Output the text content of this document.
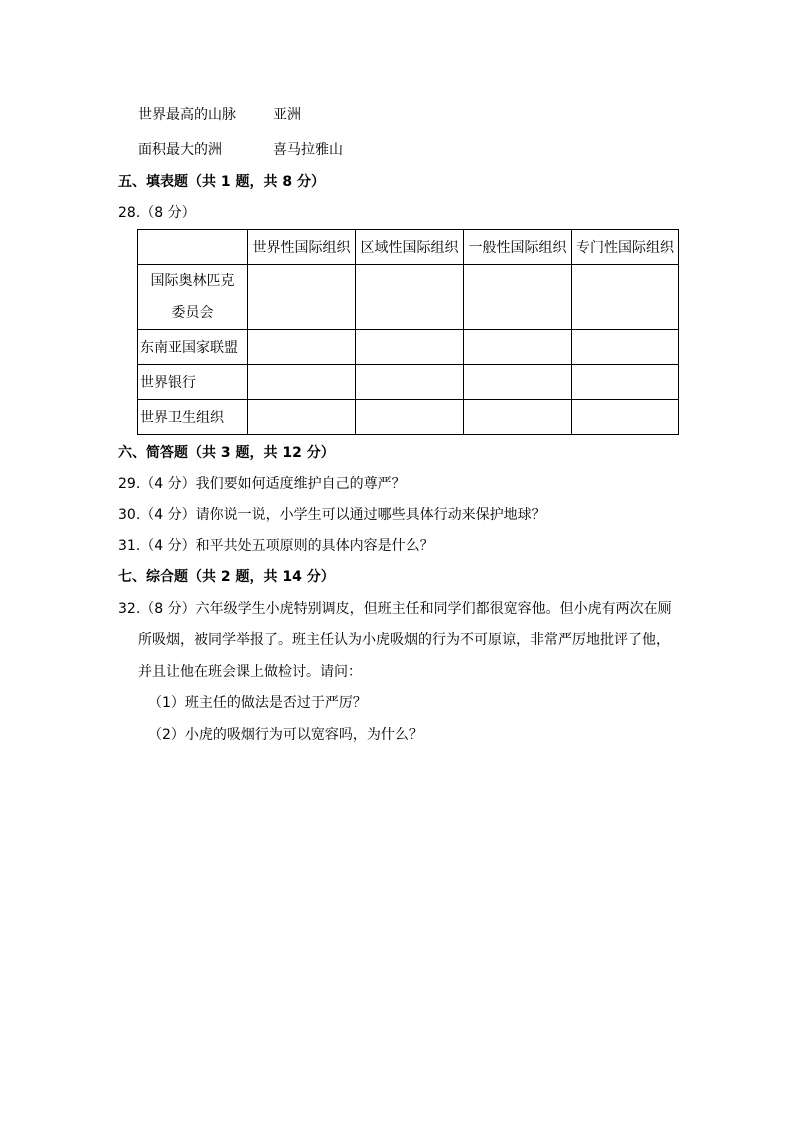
世界最高的山脉	亚洲
面积最大的洲	喜马拉雅山
五、填表题（共 1 题，共 8 分）
28.（8 分）
	世界性国际组织	区域性国际组织	一般性国际组织	专门性国际组织

国际奥林匹克委员会				

东南亚国家联盟				
世界银行				
世界卫生组织				
六、简答题（共 3 题，共 12 分）
29.（4 分）我们要如何适度维护自己的尊严？
30.（4 分）请你说一说，小学生可以通过哪些具体行动来保护地球？
31.（4 分）和平共处五项原则的具体内容是什么？
七、综合题（共 2 题，共 14 分）
32.（8 分）六年级学生小虎特别调皮，但班主任和同学们都很宽容他。但小虎有两次在厕
所吸烟，被同学举报了。班主任认为小虎吸烟的行为不可原谅，非常严厉地批评了他，
并且让他在班会课上做检讨。请问：
（1）班主任的做法是否过于严厉？
（2）小虎的吸烟行为可以宽容吗，为什么？
